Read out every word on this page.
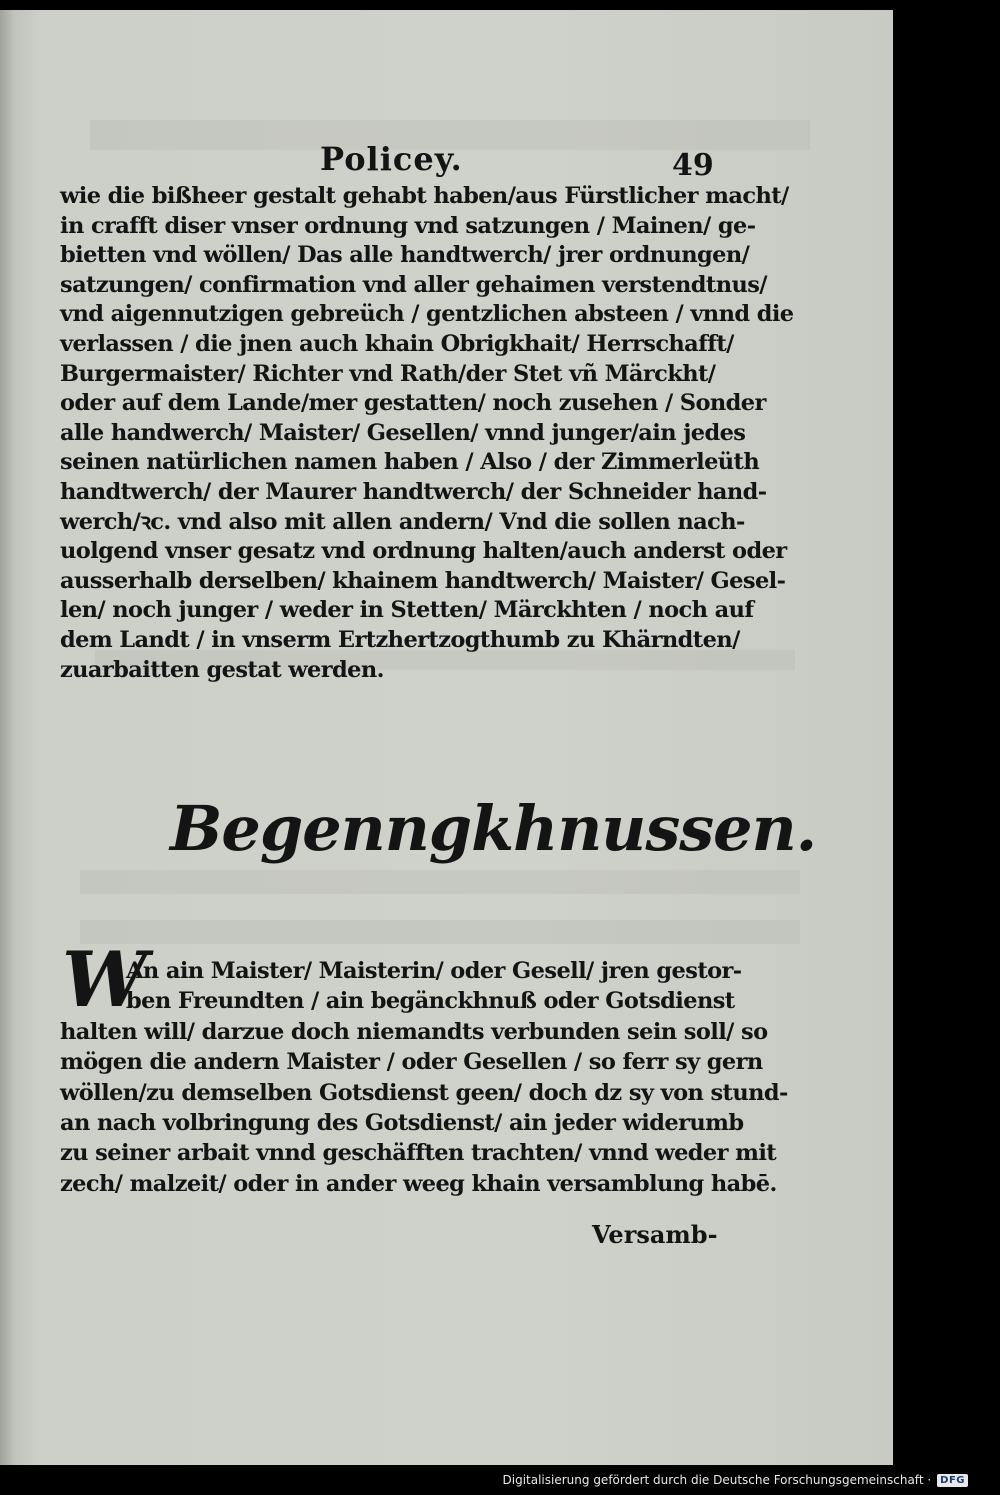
Policey.	49
wie die bißheer gestalt gehabt haben/aus Fürstlicher macht/
in crafft diser vnser ordnung vnd satzungen / Mainen/ ge-
bietten vnd wöllen/ Das alle handtwerch/ jrer ordnungen/
satzungen/ confirmation vnd aller gehaimen verstendtnus/
vnd aigennutzigen gebreüch / gentzlichen absteen / vnnd die
verlassen / die jnen auch khain Obrigkhait/ Herrschafft/
Burgermaister/ Richter vnd Rath/der Stet vñ Märckht/
oder auf dem Lande/mer gestatten/ noch zusehen / Sonder
alle handwerch/ Maister/ Gesellen/ vnnd junger/ain jedes
seinen natürlichen namen haben / Also / der Zimmerleüth
handtwerch/ der Maurer handtwerch/ der Schneider hand-
werch/ꝛc. vnd also mit allen andern/ Vnd die sollen nach-
uolgend vnser gesatz vnd ordnung halten/auch anderst oder
ausserhalb derselben/ khainem handtwerch/ Maister/ Gesel-
len/ noch junger / weder in Stetten/ Märckhten / noch auf
dem Landt / in vnserm Ertzhertzogthumb zu Khärndten/
zuarbaitten gestat werden.
Begenngkhnussen.
W
An ain Maister/ Maisterin/ oder Gesell/ jren gestor-
ben Freundten / ain begänckhnuß oder Gotsdienst
halten will/ darzue doch niemandts verbunden sein soll/ so
mögen die andern Maister / oder Gesellen / so ferr sy gern
wöllen/zu demselben Gotsdienst geen/ doch dz sy von stund-
an nach volbringung des Gotsdienst/ ain jeder widerumb
zu seiner arbait vnnd geschäfften trachten/ vnnd weder mit
zech/ malzeit/ oder in ander weeg khain versamblung habē.
Versamb-
Digitalisierung gefördert durch die Deutsche Forschungsgemeinschaft · DFG
